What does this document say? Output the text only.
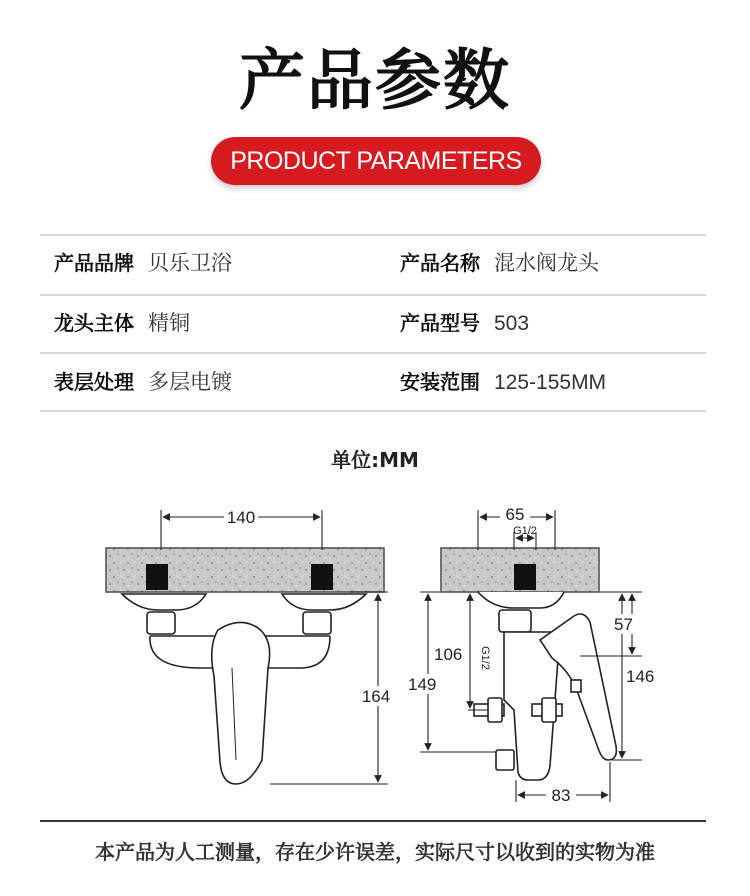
产品参数
PRODUCT PARAMETERS
产品品牌 贝乐卫浴	产品名称 混水阀龙头
龙头主体 精铜	产品型号 503
表层处理 多层电镀	安装范围 125-155MM
单位:MM
140
164
65
G1/2
57
146
106
149
G1/2
83
本产品为人工测量，存在少许误差，实际尺寸以收到的实物为准
